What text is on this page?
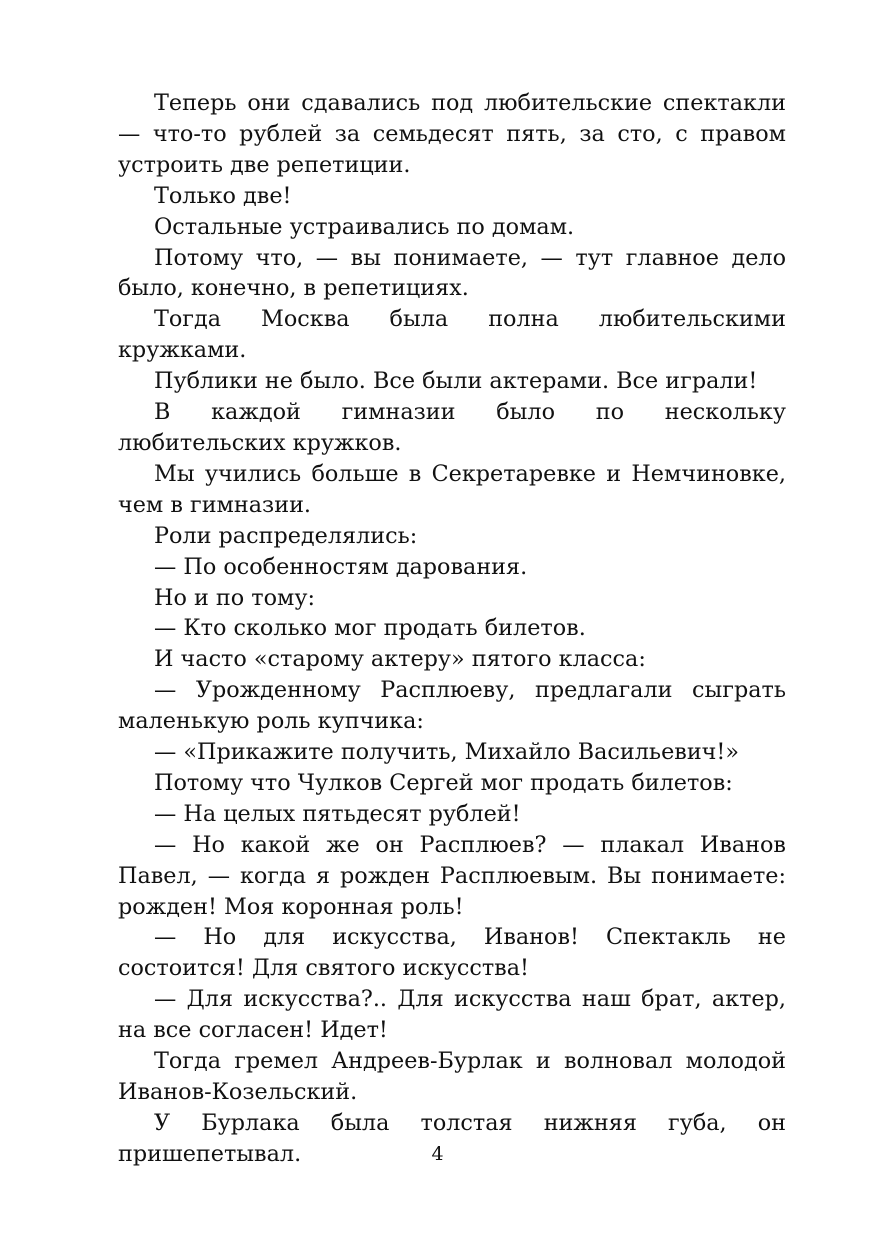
Теперь они сдавались под любительские спектакли — что-то рублей за семьдесят пять, за сто, с правом устроить две репетиции.

Только две!

Остальные устраивались по домам.

Потому что, — вы понимаете, — тут главное дело было, конечно, в репетициях.

Тогда Москва была полна любительскими кружками.

Публики не было. Все были актерами. Все играли!

В каждой гимназии было по нескольку любительских кружков.

Мы учились больше в Секретаревке и Немчиновке, чем в гимназии.

Роли распределялись:

— По особенностям дарования.

Но и по тому:

— Кто сколько мог продать билетов.

И часто «старому актеру» пятого класса:

— Урожденному Расплюеву, предлагали сыграть маленькую роль купчика:

— «Прикажите получить, Михайло Васильевич!»

Потому что Чулков Сергей мог продать билетов:

— На целых пятьдесят рублей!

— Но какой же он Расплюев? — плакал Иванов Павел, — когда я рожден Расплюевым. Вы понимаете: рожден! Моя коронная роль!

— Но для искусства, Иванов! Спектакль не состоится! Для святого искусства!

— Для искусства?.. Для искусства наш брат, актер, на все согласен! Идет!

Тогда гремел Андреев-Бурлак и волновал молодой Иванов-Козельский.

У Бурлака была толстая нижняя губа, он пришепетывал.	4
